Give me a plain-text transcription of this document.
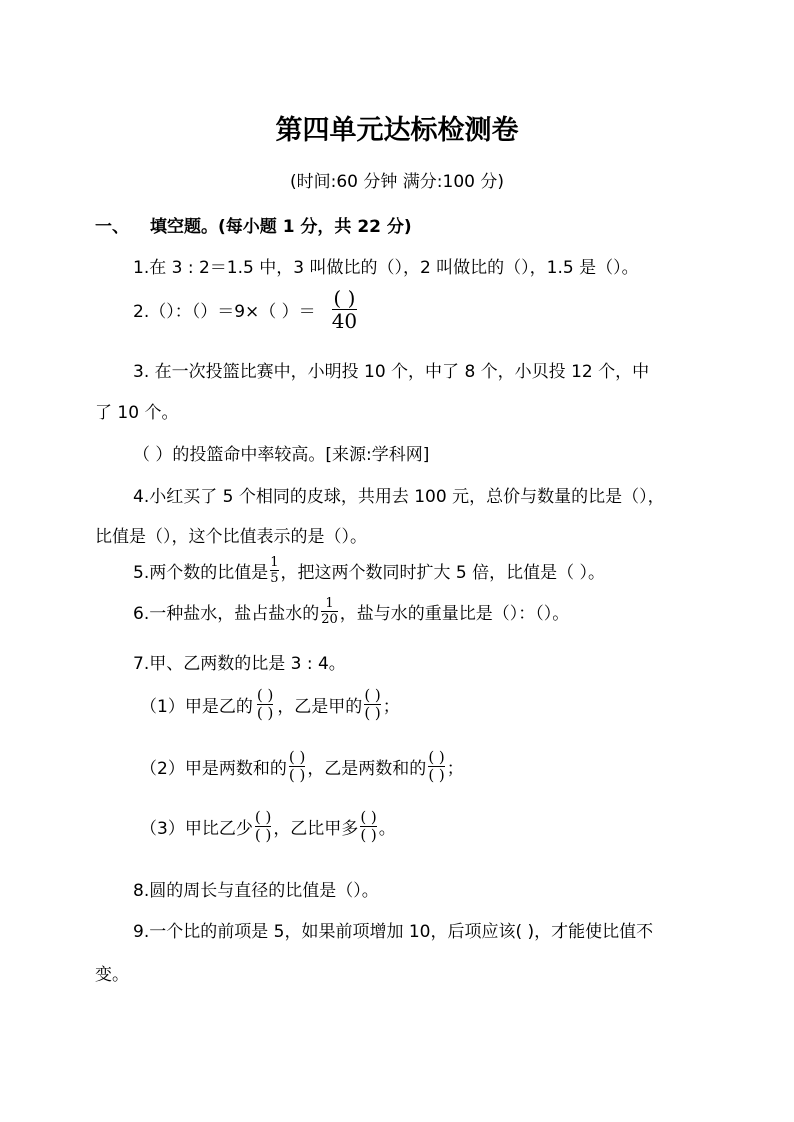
第四单元达标检测卷
(时间:60 分钟 满分:100 分)
一、 填空题。(每小题 1 分，共 22 分)
1.在 3 : 2＝1.5 中，3 叫做比的（），2 叫做比的（），1.5 是（）。
2.（）：（）＝9×（ ）＝ $\frac{( )}{40}$
3. 在一次投篮比赛中，小明投 10 个，中了 8 个，小贝投 12 个，中
了 10 个。
（ ）的投篮命中率较高。[来源:学科网]
4.小红买了 5 个相同的皮球，共用去 100 元，总价与数量的比是（），
比值是（），这个比值表示的是（）。
5.两个数的比值是 $\frac{1}{5}$ ，把这两个数同时扩大 5 倍，比值是（ ）。
6.一种盐水，盐占盐水的 $\frac{1}{20}$ ，盐与水的重量比是（）：（）。
7.甲、乙两数的比是 3 : 4。
（1）甲是乙的 $\frac{( )}{( )}$ ，乙是甲的 $\frac{( )}{( )}$ ；
（2）甲是两数和的 $\frac{( )}{( )}$ ，乙是两数和的 $\frac{( )}{( )}$ ；
（3）甲比乙少 $\frac{( )}{( )}$ ，乙比甲多 $\frac{( )}{( )}$ 。
8.圆的周长与直径的比值是（）。
9.一个比的前项是 5，如果前项增加 10，后项应该( )，才能使比值不
变。
